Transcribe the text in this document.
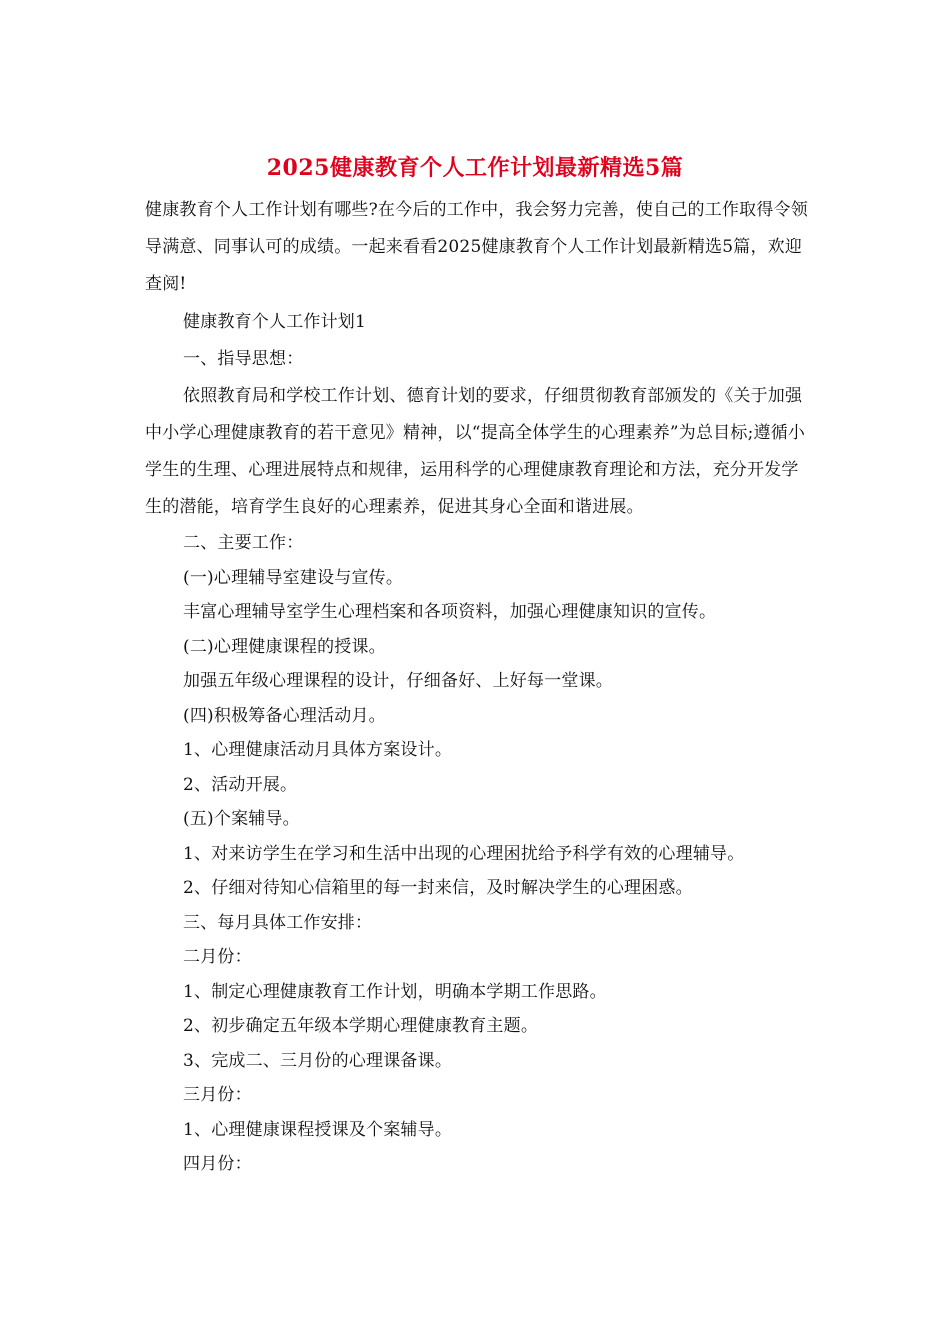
2025健康教育个人工作计划最新精选5篇

健康教育个人工作计划有哪些?在今后的工作中，我会努力完善，使自己的工作取得令领导满意、同事认可的成绩。一起来看看2025健康教育个人工作计划最新精选5篇，欢迎查阅!

健康教育个人工作计划1

一、指导思想：

依照教育局和学校工作计划、德育计划的要求，仔细贯彻教育部颁发的《关于加强中小学心理健康教育的若干意见》精神，以“提高全体学生的心理素养”为总目标;遵循小学生的生理、心理进展特点和规律，运用科学的心理健康教育理论和方法，充分开发学生的潜能，培育学生良好的心理素养，促进其身心全面和谐进展。

二、主要工作：

(一)心理辅导室建设与宣传。

丰富心理辅导室学生心理档案和各项资料，加强心理健康知识的宣传。

(二)心理健康课程的授课。

加强五年级心理课程的设计，仔细备好、上好每一堂课。

(四)积极筹备心理活动月。

1、心理健康活动月具体方案设计。

2、活动开展。

(五)个案辅导。

1、对来访学生在学习和生活中出现的心理困扰给予科学有效的心理辅导。

2、仔细对待知心信箱里的每一封来信，及时解决学生的心理困惑。

三、每月具体工作安排：

二月份：

1、制定心理健康教育工作计划，明确本学期工作思路。

2、初步确定五年级本学期心理健康教育主题。

3、完成二、三月份的心理课备课。

三月份：

1、心理健康课程授课及个案辅导。

四月份：
